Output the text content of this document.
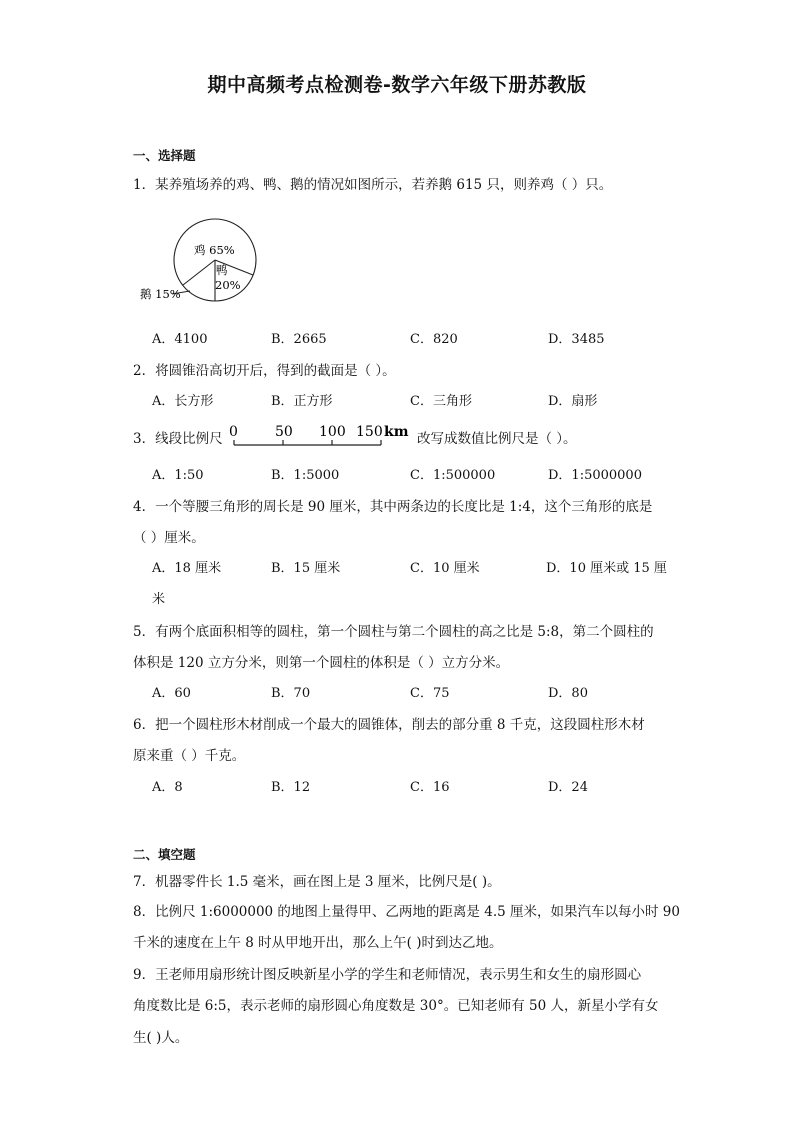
期中高频考点检测卷-数学六年级下册苏教版
一、选择题
1．某养殖场养的鸡、鸭、鹅的情况如图所示，若养鹅 615 只，则养鸡（ ）只。
鸡 65%
鸭
20%
鹅 15%
A．4100	B．2665	C．820	D．3485
2．将圆锥沿高切开后，得到的截面是（ ）。
A．长方形	B．正方形	C．三角形	D．扇形
3．线段比例尺 0	50 100 150 km 改写成数值比例尺是（ ）。
A．1:50	B．1:5000	C．1:500000	D．1:5000000
4．一个等腰三角形的周长是 90 厘米，其中两条边的长度比是 1:4，这个三角形的底是
（ ）厘米。
A．18 厘米	B．15 厘米	C．10 厘米	D．10 厘米或 15 厘
米
5．有两个底面积相等的圆柱，第一个圆柱与第二个圆柱的高之比是 5:8，第二个圆柱的
体积是 120 立方分米，则第一个圆柱的体积是（ ）立方分米。
A．60	B．70	C．75	D．80
6．把一个圆柱形木材削成一个最大的圆锥体，削去的部分重 8 千克，这段圆柱形木材
原来重（ ）千克。
A．8	B．12	C．16	D．24
二、填空题
7．机器零件长 1.5 毫米，画在图上是 3 厘米，比例尺是( )。
8．比例尺 1:6000000 的地图上量得甲、乙两地的距离是 4.5 厘米，如果汽车以每小时 90
千米的速度在上午 8 时从甲地开出，那么上午( )时到达乙地。
9．王老师用扇形统计图反映新星小学的学生和老师情况，表示男生和女生的扇形圆心
角度数比是 6:5，表示老师的扇形圆心角度数是 30°。已知老师有 50 人，新星小学有女
生( )人。
